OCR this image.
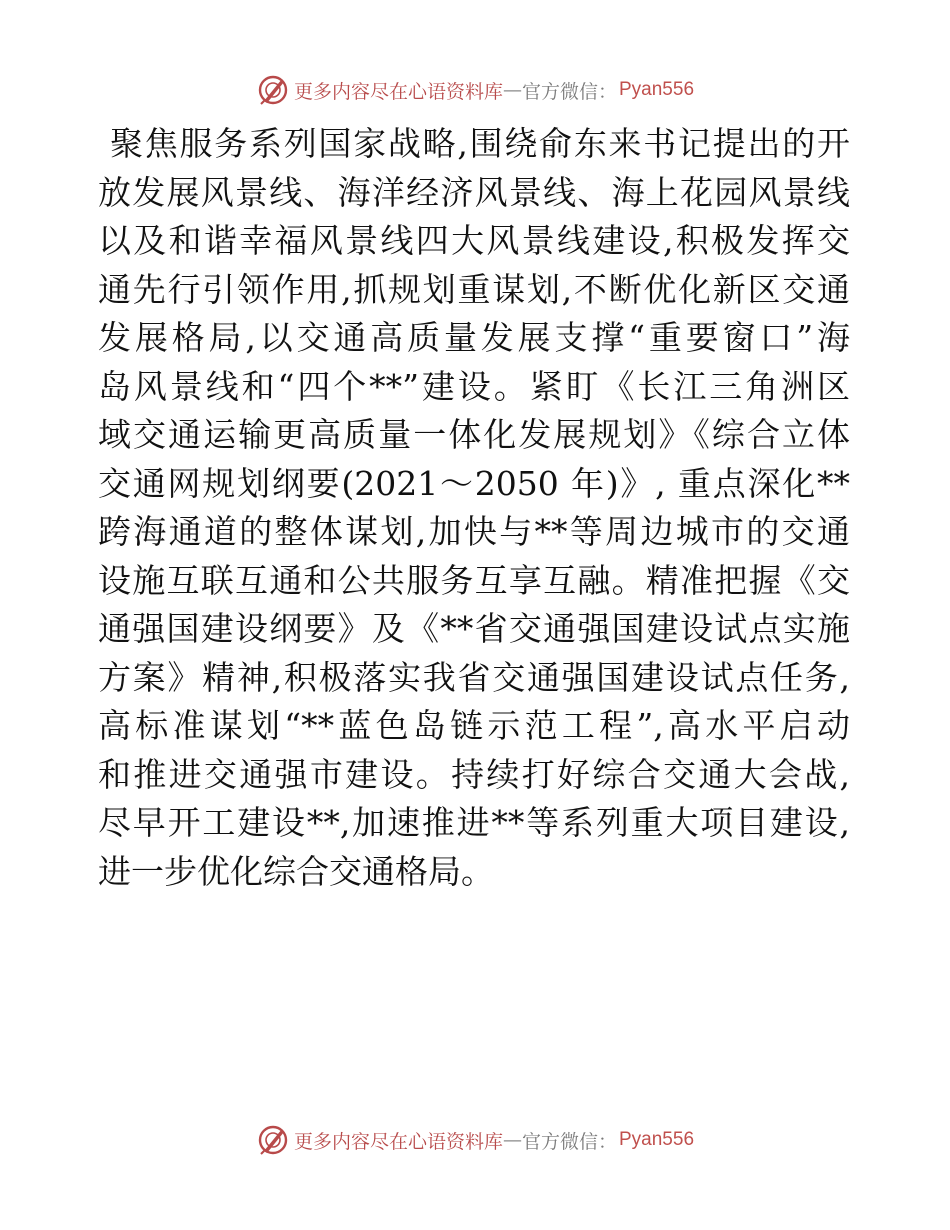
更多内容尽在心语资料库 — 官方微信： Pyan556
聚焦服务系列国家战略,围绕俞东来书记提出的开
放发展风景线、海洋经济风景线、海上花园风景线
以及和谐幸福风景线四大风景线建设,积极发挥交
通先行引领作用,抓规划重谋划,不断优化新区交通
发展格局,以交通高质量发展支撑“重要窗口”海
岛风景线和“四个**”建设。紧盯《长江三角洲区
域交通运输更高质量一体化发展规划》《综合立体
交通网规划纲要(2021～2050 年)》, 重点深化**
跨海通道的整体谋划,加快与**等周边城市的交通
设施互联互通和公共服务互享互融。精准把握《交
通强国建设纲要》及《**省交通强国建设试点实施
方案》精神,积极落实我省交通强国建设试点任务,
高标准谋划“**蓝色岛链示范工程”,高水平启动
和推进交通强市建设。持续打好综合交通大会战,
尽早开工建设**,加速推进**等系列重大项目建设,
进一步优化综合交通格局。
更多内容尽在心语资料库 — 官方微信： Pyan556
